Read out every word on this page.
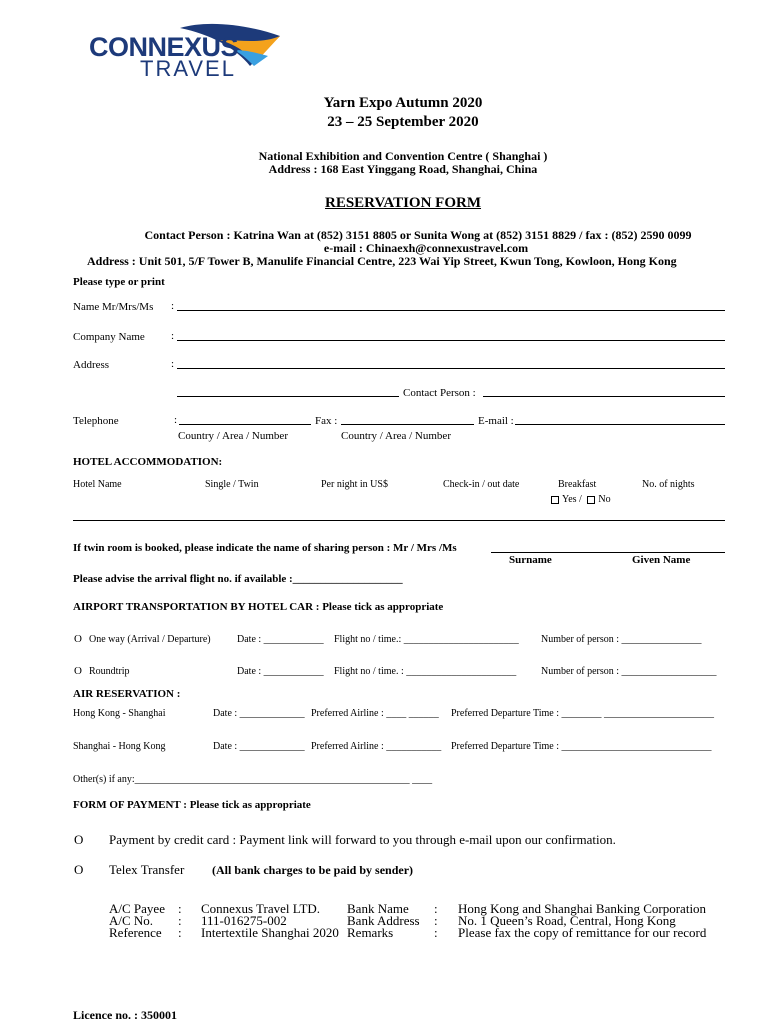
CONNEXUS
TRAVEL
Yarn Expo Autumn 2020
23 – 25 September 2020
National Exhibition and Convention Centre ( Shanghai )
Address : 168 East Yinggang Road, Shanghai, China
RESERVATION FORM
Contact Person : Katrina Wan at (852) 3151 8805 or Sunita Wong at (852) 3151 8829 / fax : (852) 2590 0099
e-mail : Chinaexh@connexustravel.com
Address : Unit 501, 5/F Tower B, Manulife Financial Centre, 223 Wai Yip Street, Kwun Tong, Kowloon, Hong Kong
Please type or print
Name Mr/Mrs/Ms :
Company Name :
Address	:
Contact Person :
Telephone	:	Fax :	E-mail :
Country / Area / Number	Country / Area / Number
HOTEL ACCOMMODATION:
Hotel Name	Single / Twin	Per night in US$	Check-in / out date	Breakfast	No. of nights
Yes / No
If twin room is booked, please indicate the name of sharing person : Mr / Mrs /Ms
Surname	Given Name
Please advise the arrival flight no. if available :____________________
AIRPORT TRANSPORTATION BY HOTEL CAR : Please tick as appropriate
O One way (Arrival / Departure)	Date : ____________ Flight no / time.: _______________________ Number of person : ________________
O Roundtrip	Date : ____________ Flight no / time. : ______________________ Number of person : ___________________
AIR RESERVATION :
Hong Kong - Shanghai	Date : _____________ Preferred Airline : ____ ______ Preferred Departure Time : ________ ______________________
Shanghai - Hong Kong	Date : _____________ Preferred Airline : ___________ Preferred Departure Time : ______________________________
Other(s) if any:_______________________________________________________ ____
FORM OF PAYMENT : Please tick as appropriate
O Payment by credit card : Payment link will forward to you through e-mail upon our confirmation.
O Telex Transfer (All bank charges to be paid by sender)
A/C Payee : Connexus Travel LTD. Bank Name : Hong Kong and Shanghai Banking Corporation
A/C No. : 111-016275-002	Bank Address : No. 1 Queen’s Road, Central, Hong Kong
Reference : Intertextile Shanghai 2020 Remarks	: Please fax the copy of remittance for our record
Licence no. : 350001
